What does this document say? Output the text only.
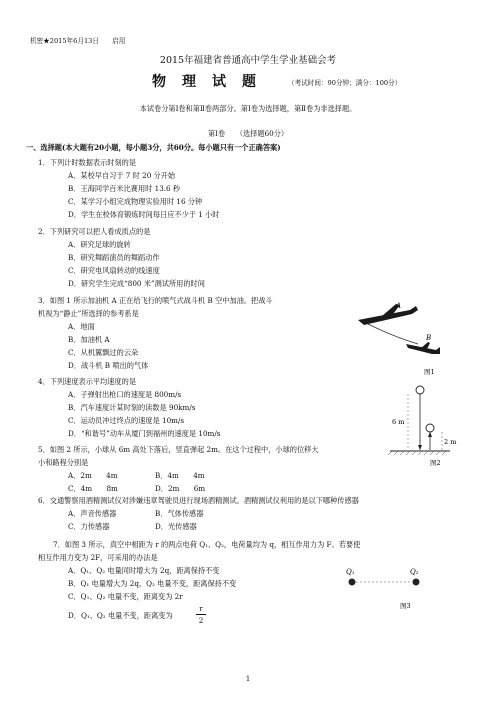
机密★2015年6月13日　　启用
2015年福建省普通高中学生学业基础会考
物　理　试　题	（考试时间：90分钟；满分：100分）
本试卷分第Ⅰ卷和第Ⅱ卷两部分。第Ⅰ卷为选择题，第Ⅱ卷为非选择题。
第Ⅰ卷　　（选择题60分）
一、选择题(本大题有20小题，每小题3分，共60分。每小题只有一个正确答案)
1．下列计时数据表示时刻的是
A．某校早自习于 7 时 20 分开始
B．王海同学百米比赛用时 13.6 秒
C．某学习小组完成物理实验用时 16 分钟
D．学生在校体育锻炼时间每日应不少于 1 小时
2．下列研究可以把人看成质点的是
A．研究足球的旋转
B．研究舞蹈演员的舞蹈动作
C．研究电风扇转动的线速度
D．研究学生完成“800 米”测试所用的时间
3．如图 1 所示加油机 A 正在给飞行的喷气式战斗机 B 空中加油。把战斗
机视为“静止”所选择的参考系是
A．地面
B．加油机 A
C．从机翼飘过的云朵
D．战斗机 B 喷出的气体
A
B
图1
4．下列速度表示平均速度的是
A．子弹射出枪口的速度是 800m/s
B．汽车速度计某时刻的读数是 90km/s
C．运动员冲过终点的速度是 10m/s
D．“和谐号”动车从厦门到福州的速度是 10m/s
6 m
2 m
图2
5．如图 2 所示，小球从 6m 高处下落后，竖直弹起 2m。在这个过程中，小球的位移大
小和路程分别是
A．2m　　4m	B．4m　　4m
C．4m　　8m	D．2m　　6m
6．交通警察用酒精测试仪对涉嫌违章驾驶员进行现场酒精测试。酒精测试仪利用的是以下哪种传感器
A．声音传感器	B．气体传感器
C．力传感器	D．光传感器
7．如图 3 所示，真空中相距为 r 的两点电荷 Q₁、Q₂，电荷量均为 q，相互作用力为 F。若要使
相互作用力变为 2F，可采用的办法是
A．Q₁、Q₂ 电量同时增大为 2q，距离保持不变
B．Q₁ 电量增大为 2q，Q₂ 电量不变，距离保持不变
C．Q₁、Q₂ 电量不变，距离变为 2r
D．Q₁、Q₂ 电量不变，距离变为
r
2
Q₁	Q₂
图3
1
